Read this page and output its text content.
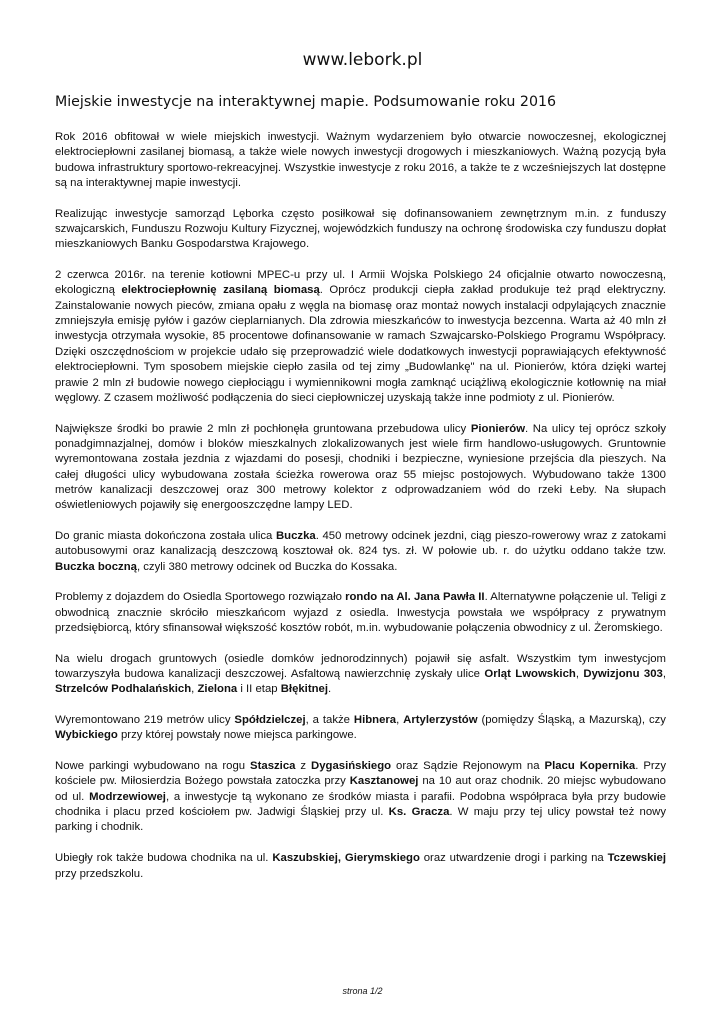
www.lebork.pl
Miejskie inwestycje na interaktywnej mapie. Podsumowanie roku 2016

Rok 2016 obfitował w wiele miejskich inwestycji. Ważnym wydarzeniem było otwarcie nowoczesnej, ekologicznej elektrociepłowni zasilanej biomasą, a także wiele nowych inwestycji drogowych i mieszkaniowych. Ważną pozycją była budowa infrastruktury sportowo-rekreacyjnej. Wszystkie inwestycje z roku 2016, a także te z wcześniejszych lat dostępne są na interaktywnej mapie inwestycji.

Realizując inwestycje samorząd Lęborka często posiłkował się dofinansowaniem zewnętrznym m.in. z funduszy szwajcarskich, Funduszu Rozwoju Kultury Fizycznej, wojewódzkich funduszy na ochronę środowiska czy funduszu dopłat mieszkaniowych Banku Gospodarstwa Krajowego.

2 czerwca 2016r. na terenie kotłowni MPEC-u przy ul. I Armii Wojska Polskiego 24 oficjalnie otwarto nowoczesną, ekologiczną elektrociepłownię zasilaną biomasą. Oprócz produkcji ciepła zakład produkuje też prąd elektryczny. Zainstalowanie nowych pieców, zmiana opału z węgla na biomasę oraz montaż nowych instalacji odpylających znacznie zmniejszyła emisję pyłów i gazów cieplarnianych. Dla zdrowia mieszkańców to inwestycja bezcenna. Warta aż 40 mln zł inwestycja otrzymała wysokie, 85 procentowe dofinansowanie w ramach Szwajcarsko-Polskiego Programu Współpracy. Dzięki oszczędnościom w projekcie udało się przeprowadzić wiele dodatkowych inwestycji poprawiających efektywność elektrociepłowni. Tym sposobem miejskie ciepło zasila od tej zimy „Budowlankę" na ul. Pionierów, która dzięki wartej prawie 2 mln zł budowie nowego ciepłociągu i wymiennikowni mogła zamknąć uciążliwą ekologicznie kotłownię na miał węglowy. Z czasem możliwość podłączenia do sieci ciepłowniczej uzyskają także inne podmioty z ul. Pionierów.

Największe środki bo prawie 2 mln zł pochłonęła gruntowana przebudowa ulicy Pionierów. Na ulicy tej oprócz szkoły ponadgimnazjalnej, domów i bloków mieszkalnych zlokalizowanych jest wiele firm handlowo-usługowych. Gruntownie wyremontowana została jezdnia z wjazdami do posesji, chodniki i bezpieczne, wyniesione przejścia dla pieszych. Na całej długości ulicy wybudowana została ścieżka rowerowa oraz 55 miejsc postojowych. Wybudowano także 1300 metrów kanalizacji deszczowej oraz 300 metrowy kolektor z odprowadzaniem wód do rzeki Łeby. Na słupach oświetleniowych pojawiły się energooszczędne lampy LED.

Do granic miasta dokończona została ulica Buczka. 450 metrowy odcinek jezdni, ciąg pieszo-rowerowy wraz z zatokami autobusowymi oraz kanalizacją deszczową kosztował ok. 824 tys. zł. W połowie ub. r. do użytku oddano także tzw. Buczka boczną, czyli 380 metrowy odcinek od Buczka do Kossaka.

Problemy z dojazdem do Osiedla Sportowego rozwiązało rondo na Al. Jana Pawła II. Alternatywne połączenie ul. Teligi z obwodnicą znacznie skróciło mieszkańcom wyjazd z osiedla. Inwestycja powstała we współpracy z prywatnym przedsiębiorcą, który sfinansował większość kosztów robót, m.in. wybudowanie połączenia obwodnicy z ul. Żeromskiego.

Na wielu drogach gruntowych (osiedle domków jednorodzinnych) pojawił się asfalt. Wszystkim tym inwestycjom towarzyszyła budowa kanalizacji deszczowej. Asfaltową nawierzchnię zyskały ulice Orląt Lwowskich, Dywizjonu 303, Strzelców Podhalańskich, Zielona i II etap Błękitnej.

Wyremontowano 219 metrów ulicy Spółdzielczej, a także Hibnera, Artylerzystów (pomiędzy Śląską, a Mazurską), czy Wybickiego przy której powstały nowe miejsca parkingowe.

Nowe parkingi wybudowano na rogu Staszica z Dygasińskiego oraz Sądzie Rejonowym na Placu Kopernika. Przy kościele pw. Miłosierdzia Bożego powstała zatoczka przy Kasztanowej na 10 aut oraz chodnik. 20 miejsc wybudowano od ul. Modrzewiowej, a inwestycje tą wykonano ze środków miasta i parafii. Podobna współpraca była przy budowie chodnika i placu przed kościołem pw. Jadwigi Śląskiej przy ul. Ks. Gracza. W maju przy tej ulicy powstał też nowy parking i chodnik.

Ubiegły rok także budowa chodnika na ul. Kaszubskiej, Gierymskiego oraz utwardzenie drogi i parking na Tczewskiej przy przedszkolu.

strona 1/2
